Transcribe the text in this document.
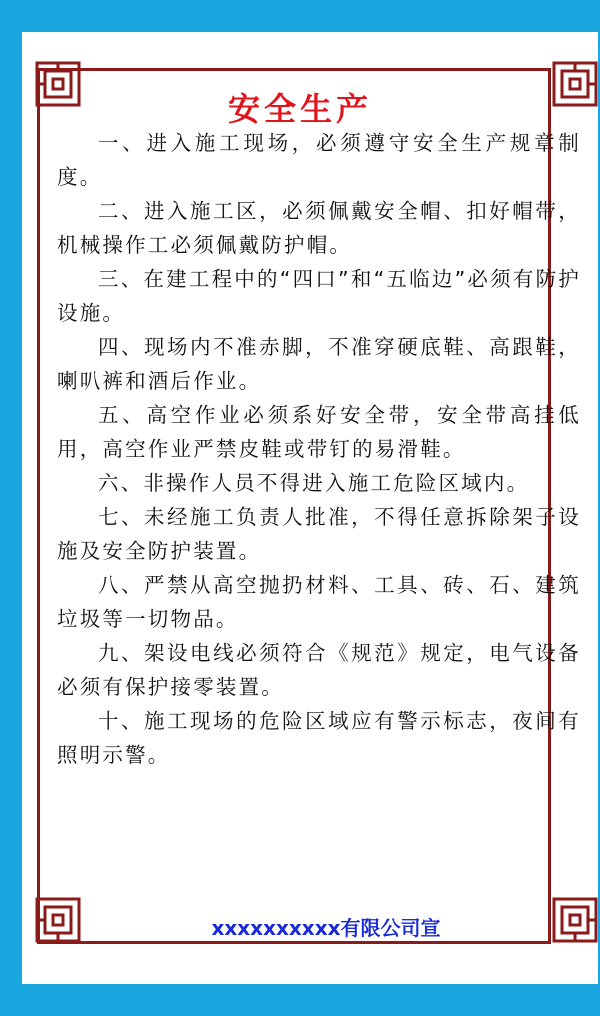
安全生产

一、进入施工现场，必须遵守安全生产规章制度。

二、进入施工区，必须佩戴安全帽、扣好帽带，机械操作工必须佩戴防护帽。

三、在建工程中的“四口”和“五临边”必须有防护设施。

四、现场内不准赤脚，不准穿硬底鞋、高跟鞋，喇叭裤和酒后作业。

五、高空作业必须系好安全带，安全带高挂低用，高空作业严禁皮鞋或带钉的易滑鞋。

六、非操作人员不得进入施工危险区域内。

七、未经施工负责人批准，不得任意拆除架子设施及安全防护装置。

八、严禁从高空抛扔材料、工具、砖、石、建筑垃圾等一切物品。

九、架设电线必须符合《规范》规定，电气设备必须有保护接零装置。

十、施工现场的危险区域应有警示标志，夜间有照明示警。

xxxxxxxxxx有限公司宣
